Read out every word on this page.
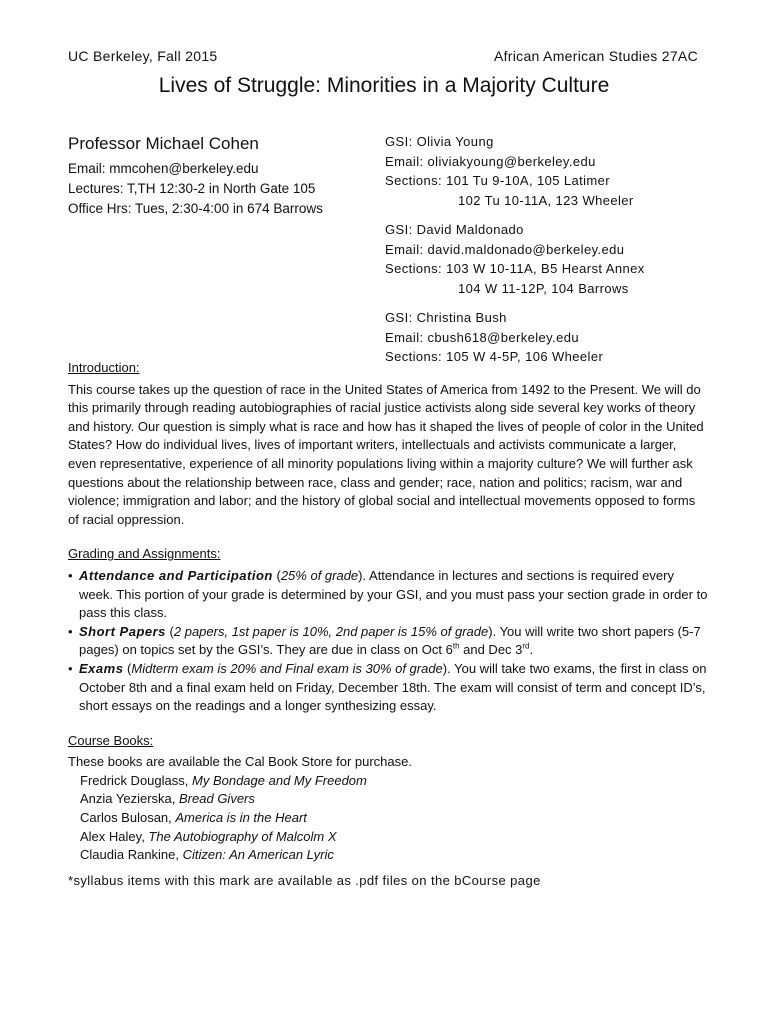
UC Berkeley, Fall 2015	African American Studies 27AC
Lives of Struggle: Minorities in a Majority Culture
Professor Michael Cohen
Email: mmcohen@berkeley.edu
Lectures: T,TH 12:30-2 in North Gate 105
Office Hrs: Tues, 2:30-4:00 in 674 Barrows
GSI: Olivia Young
Email: oliviakyoung@berkeley.edu
Sections: 101 Tu 9-10A, 105 Latimer
102 Tu 10-11A, 123 Wheeler
GSI: David Maldonado
Email: david.maldonado@berkeley.edu
Sections: 103 W 10-11A, B5 Hearst Annex
104 W 11-12P, 104 Barrows
GSI: Christina Bush
Email: cbush618@berkeley.edu
Sections: 105 W 4-5P, 106 Wheeler
Introduction:

This course takes up the question of race in the United States of America from 1492 to the Present. We will do this primarily through reading autobiographies of racial justice activists along side several key works of theory and history. Our question is simply what is race and how has it shaped the lives of people of color in the United States? How do individual lives, lives of important writers, intellectuals and activists communicate a larger, even representative, experience of all minority populations living within a majority culture? We will further ask questions about the relationship between race, class and gender; race, nation and politics; racism, war and violence; immigration and labor; and the history of global social and intellectual movements opposed to forms of racial oppression.

Grading and Assignments:
• Attendance and Participation (25% of grade). Attendance in lectures and sections is required every week. This portion of your grade is determined by your GSI, and you must pass your section grade in order to pass this class.
• Short Papers (2 papers, 1st paper is 10%, 2nd paper is 15% of grade). You will write two short papers (5-7 pages) on topics set by the GSI’s. They are due in class on Oct 6th and Dec 3rd.
• Exams (Midterm exam is 20% and Final exam is 30% of grade). You will take two exams, the first in class on October 8th and a final exam held on Friday, December 18th. The exam will consist of term and concept ID’s, short essays on the readings and a longer synthesizing essay.
Course Books:
These books are available the Cal Book Store for purchase.
Fredrick Douglass, My Bondage and My Freedom
Anzia Yezierska, Bread Givers
Carlos Bulosan, America is in the Heart
Alex Haley, The Autobiography of Malcolm X
Claudia Rankine, Citizen: An American Lyric
*syllabus items with this mark are available as .pdf files on the bCourse page
